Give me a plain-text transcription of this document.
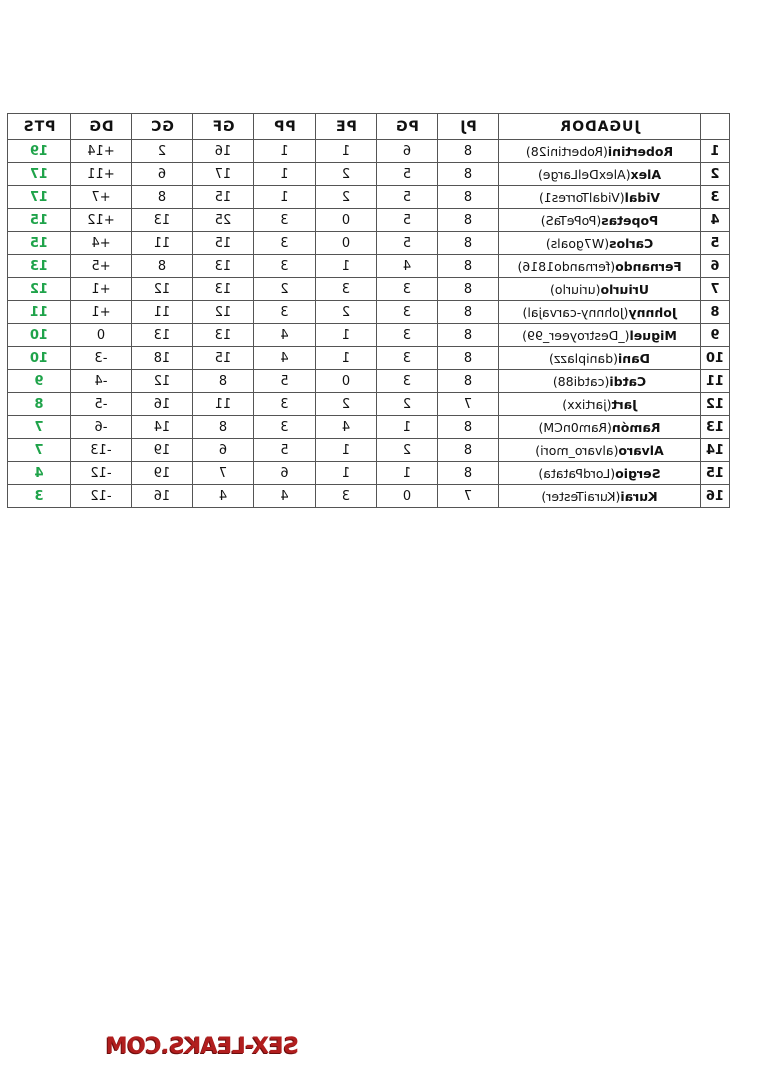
	JUGADOR	PJ	PG	PE	PP	GF	GC	DG	PTS
1	Robertini(Robertini28)	8	6	1	1	16	2	+14	19
2	Alex(AlexDelLarge)	8	5	2	1	17	6	+11	17
3	Vidal(VidalTorres1)	8	5	2	1	15	8	+7	17
4	Popetas(PoPeTaS)	8	5	0	3	25	13	+12	15
5	Carlos(W7goals)	8	5	0	3	15	11	+4	15
6	Fernando(fernando1816)	8	4	1	3	13	8	+5	13
7	Uriurlo(uriurlo)	8	3	3	2	13	12	+1	12
8	Johnny(Johnny-carvajal)	8	3	2	3	12	11	+1	11
9	Miguel(_Destroyeer_99)	8	3	1	4	13	13	0	10
10	Dani(daniplazz)	8	3	1	4	15	18	-3	10
11	Catdi(catdi88)	8	3	0	5	8	12	-4	9
12	Jart(jartixx)	7	2	2	3	11	16	-5	8
13	Ramón(Ram0nCM)	8	1	4	3	8	14	-6	7
14	Alvaro(alvaro_mori)	8	2	1	5	6	19	-13	7
15	Sergio(LordPatata)	8	1	1	6	7	19	-12	4
16	Kurai(KuraiTester)	7	0	3	4	4	16	-12	3
SEX-LEAKS.COM
